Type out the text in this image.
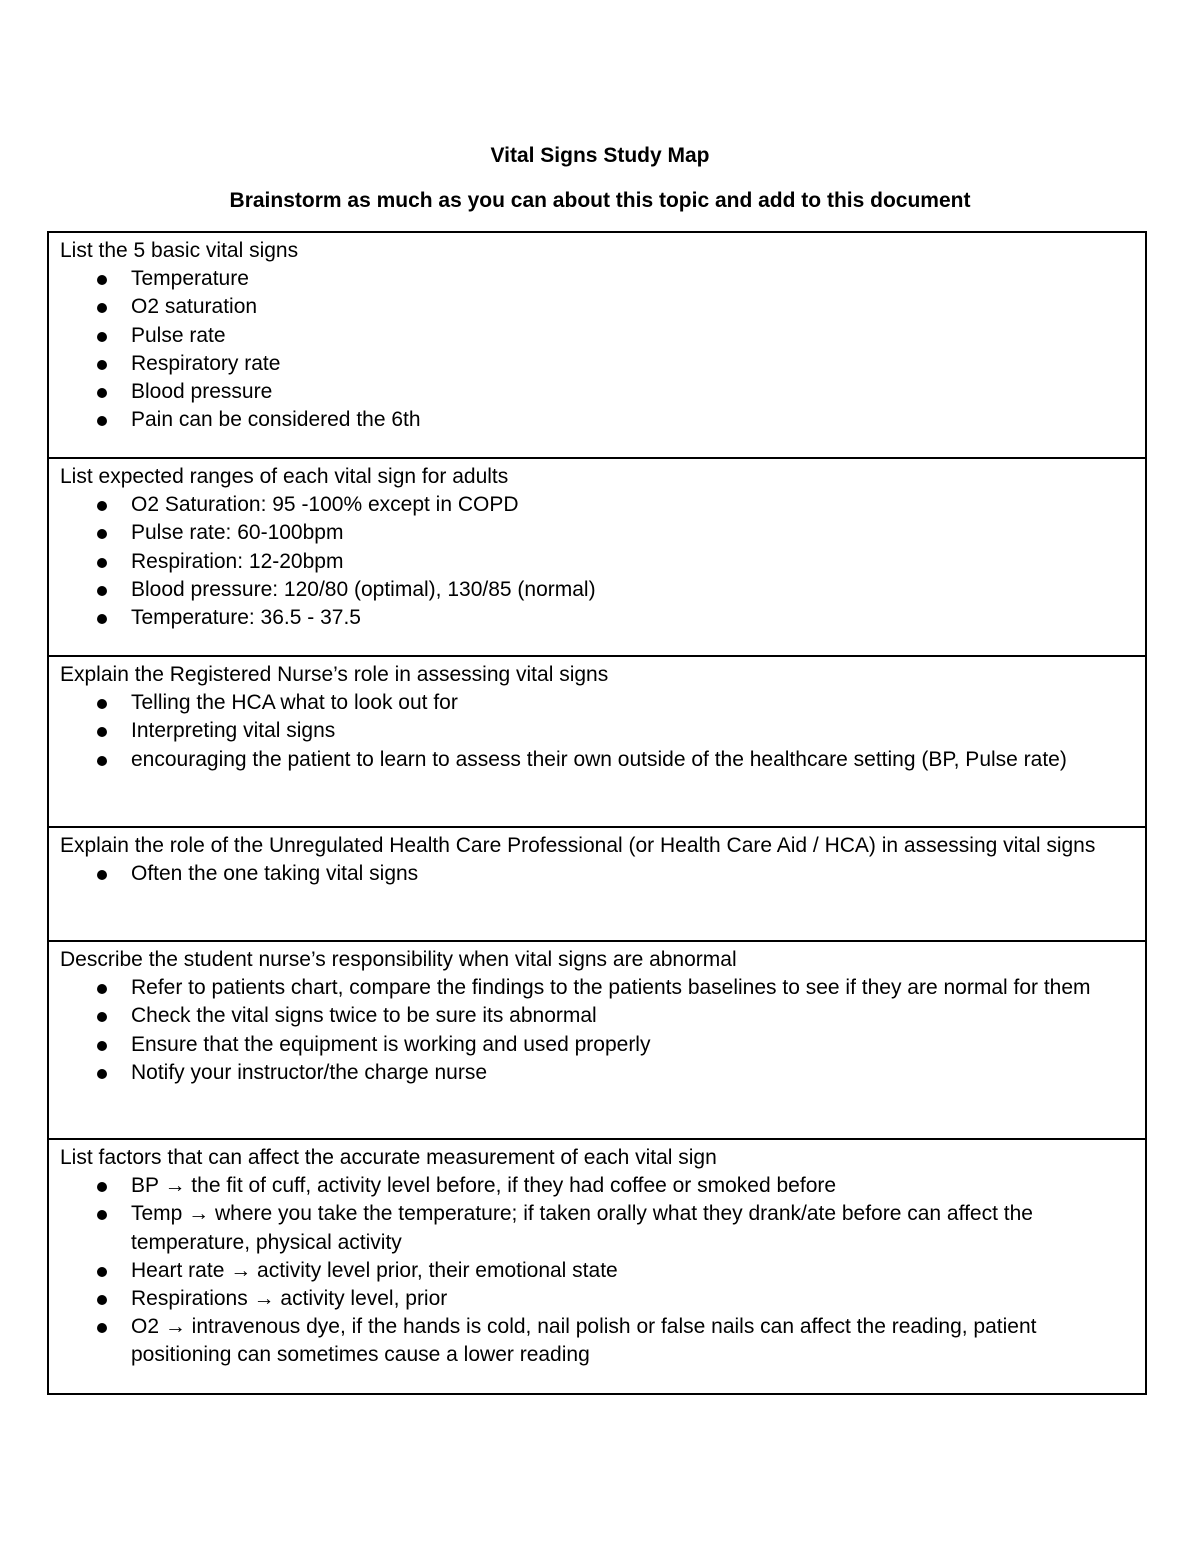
Vital Signs Study Map
Brainstorm as much as you can about this topic and add to this document
List the 5 basic vital signs
Temperature
O2 saturation
Pulse rate
Respiratory rate
Blood pressure
Pain can be considered the 6th

List expected ranges of each vital sign for adults
O2 Saturation: 95 -100% except in COPD
Pulse rate: 60-100bpm
Respiration: 12-20bpm
Blood pressure: 120/80 (optimal), 130/85 (normal)
Temperature: 36.5 - 37.5

Explain the Registered Nurse’s role in assessing vital signs
Telling the HCA what to look out for
Interpreting vital signs
encouraging the patient to learn to assess their own outside of the healthcare setting (BP, Pulse rate)

Explain the role of the Unregulated Health Care Professional (or Health Care Aid / HCA) in assessing vital signs
Often the one taking vital signs

Describe the student nurse’s responsibility when vital signs are abnormal
Refer to patients chart, compare the findings to the patients baselines to see if they are normal for them
Check the vital signs twice to be sure its abnormal
Ensure that the equipment is working and used properly
Notify your instructor/the charge nurse

List factors that can affect the accurate measurement of each vital sign
BP → the fit of cuff, activity level before, if they had coffee or smoked before
Temp → where you take the temperature; if taken orally what they drank/ate before can affect the temperature, physical activity
Heart rate → activity level prior, their emotional state
Respirations → activity level, prior
O2 → intravenous dye, if the hands is cold, nail polish or false nails can affect the reading, patient positioning can sometimes cause a lower reading
